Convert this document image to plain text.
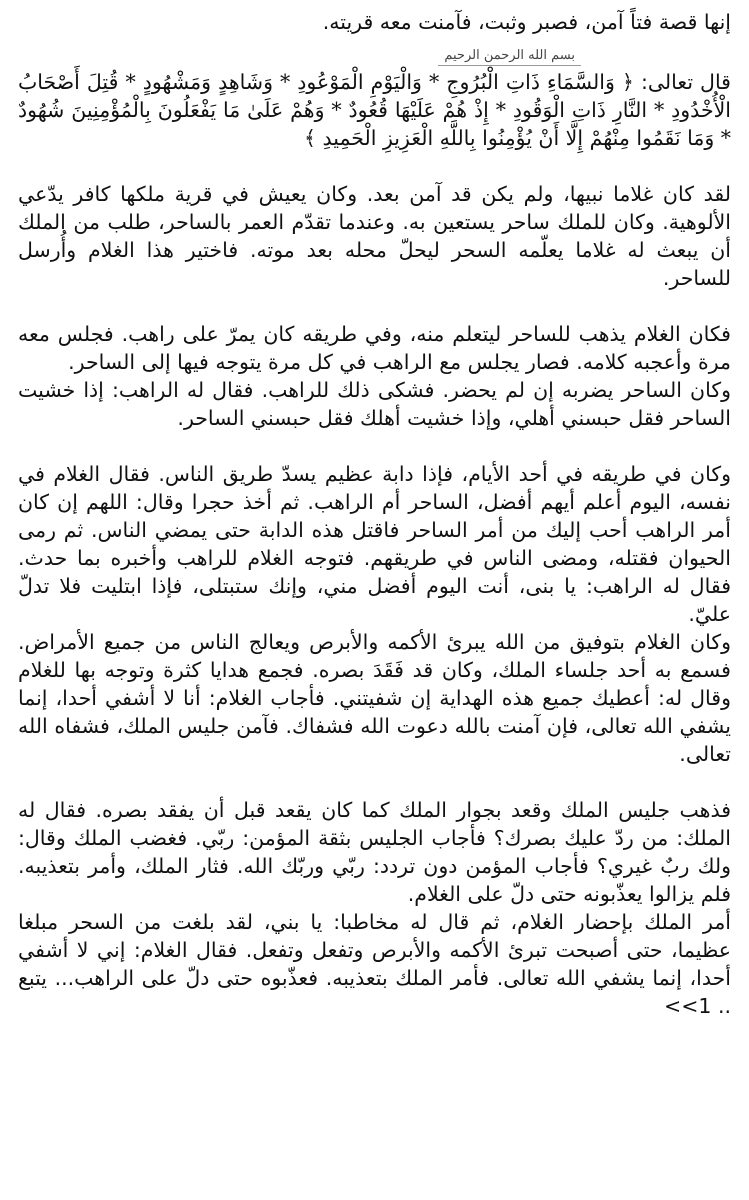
إنها قصة فتاً آمن، فصبر وثبت، فآمنت معه قريته.

بسم الله الرحمن الرحيم

قال تعالى: ﴿ وَالسَّمَاءِ ذَاتِ الْبُرُوجِ * وَالْيَوْمِ الْمَوْعُودِ * وَشَاهِدٍ وَمَشْهُودٍ * قُتِلَ أَصْحَابُ الْأُخْدُودِ * النَّارِ ذَاتِ الْوَقُودِ * إِذْ هُمْ عَلَيْهَا قُعُودٌ * وَهُمْ عَلَىٰ مَا يَفْعَلُونَ بِالْمُؤْمِنِينَ شُهُودٌ * وَمَا نَقَمُوا مِنْهُمْ إِلَّا أَنْ يُؤْمِنُوا بِاللَّهِ الْعَزِيزِ الْحَمِيدِ ﴾

لقد كان غلاما نبيها، ولم يكن قد آمن بعد. وكان يعيش في قرية ملكها كافر يدّعي الألوهية. وكان للملك ساحر يستعين به. وعندما تقدّم العمر بالساحر، طلب من الملك أن يبعث له غلاما يعلّمه السحر ليحلّ محله بعد موته. فاختير هذا الغلام وأُرسل للساحر.

فكان الغلام يذهب للساحر ليتعلم منه، وفي طريقه كان يمرّ على راهب. فجلس معه مرة وأعجبه كلامه. فصار يجلس مع الراهب في كل مرة يتوجه فيها إلى الساحر.

وكان الساحر يضربه إن لم يحضر. فشكى ذلك للراهب. فقال له الراهب: إذا خشيت الساحر فقل حبسني أهلي، وإذا خشيت أهلك فقل حبسني الساحر.

وكان في طريقه في أحد الأيام، فإذا دابة عظيم يسدّ طريق الناس. فقال الغلام في نفسه، اليوم أعلم أيهم أفضل، الساحر أم الراهب. ثم أخذ حجرا وقال: اللهم إن كان أمر الراهب أحب إليك من أمر الساحر فاقتل هذه الدابة حتى يمضي الناس. ثم رمى الحيوان فقتله، ومضى الناس في طريقهم. فتوجه الغلام للراهب وأخبره بما حدث. فقال له الراهب: يا بنى، أنت اليوم أفضل مني، وإنك ستبتلى، فإذا ابتليت فلا تدلّ عليّ.

وكان الغلام بتوفيق من الله يبرئ الأكمه والأبرص ويعالج الناس من جميع الأمراض. فسمع به أحد جلساء الملك، وكان قد فَقَدَ بصره. فجمع هدايا كثرة وتوجه بها للغلام وقال له: أعطيك جميع هذه الهداية إن شفيتني. فأجاب الغلام: أنا لا أشفي أحدا، إنما يشفي الله تعالى، فإن آمنت بالله دعوت الله فشفاك. فآمن جليس الملك، فشفاه الله تعالى.

فذهب جليس الملك وقعد بجوار الملك كما كان يقعد قبل أن يفقد بصره. فقال له الملك: من ردّ عليك بصرك؟ فأجاب الجليس بثقة المؤمن: ربّي. فغضب الملك وقال: ولك ربٌ غيري؟ فأجاب المؤمن دون تردد: ربّي وربّك الله. فثار الملك، وأمر بتعذيبه. فلم يزالوا يعذّبونه حتى دلّ على الغلام.

أمر الملك بإحضار الغلام، ثم قال له مخاطبا: يا بني، لقد بلغت من السحر مبلغا عظيما، حتى أصبحت تبرئ الأكمه والأبرص وتفعل وتفعل. فقال الغلام: إني لا أشفي أحدا، إنما يشفي الله تعالى. فأمر الملك بتعذيبه. فعذّبوه حتى دلّ على الراهب... يتبع .. 1>>
